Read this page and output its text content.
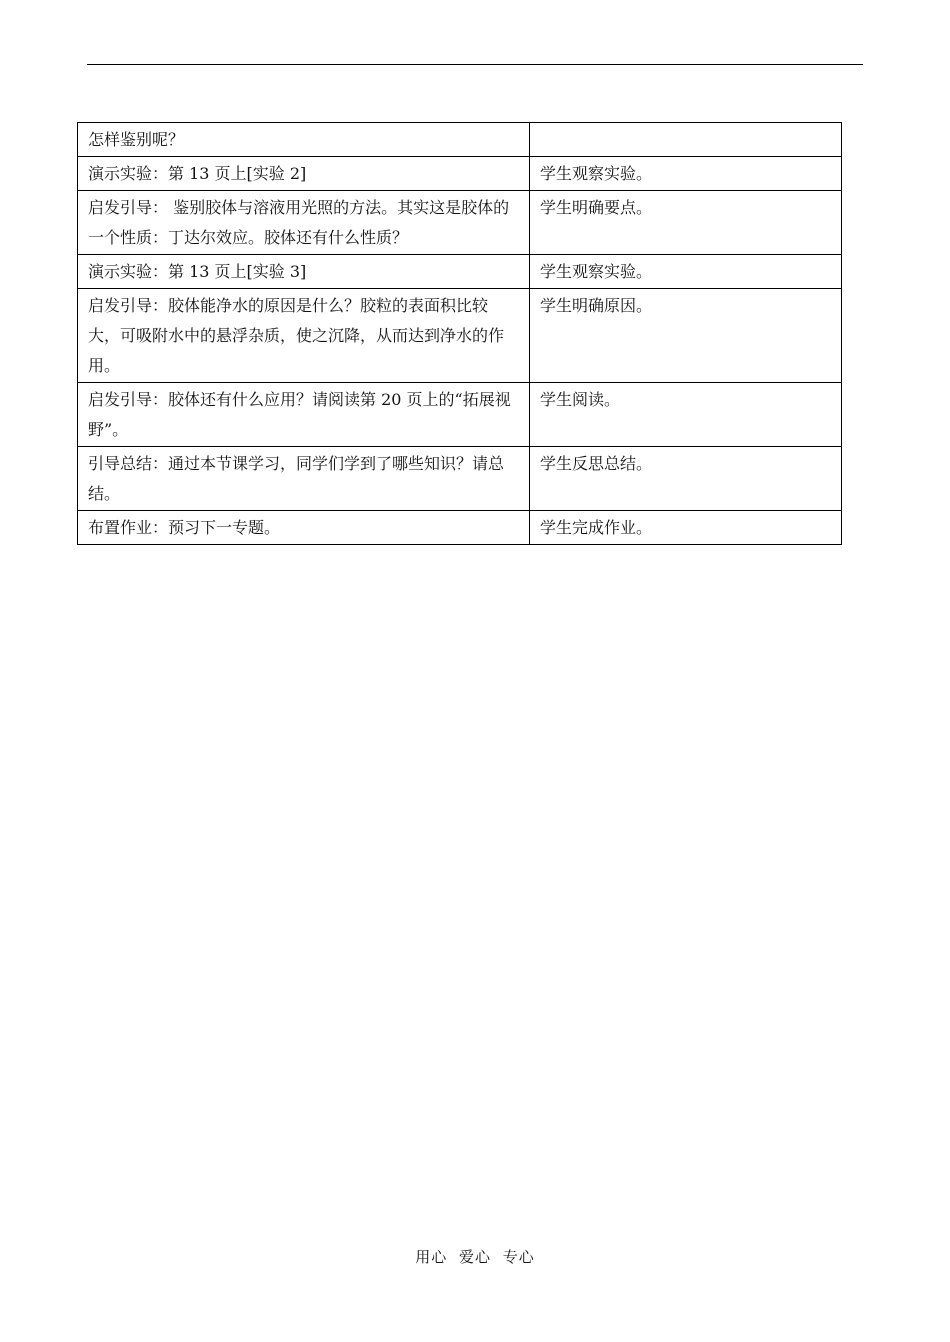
怎样鉴别呢？	
演示实验：第 13 页上[实验 2]	学生观察实验。
启发引导： 鉴别胶体与溶液用光照的方法。其实这是胶体的一个性质：丁达尔效应。胶体还有什么性质？	学生明确要点。
演示实验：第 13 页上[实验 3]	学生观察实验。
启发引导：胶体能净水的原因是什么？胶粒的表面积比较大，可吸附水中的悬浮杂质，使之沉降，从而达到净水的作用。	学生明确原因。
启发引导：胶体还有什么应用？请阅读第 20 页上的“拓展视野”。	学生阅读。
引导总结：通过本节课学习，同学们学到了哪些知识？请总结。	学生反思总结。
布置作业：预习下一专题。	学生完成作业。
用心 爱心 专心
